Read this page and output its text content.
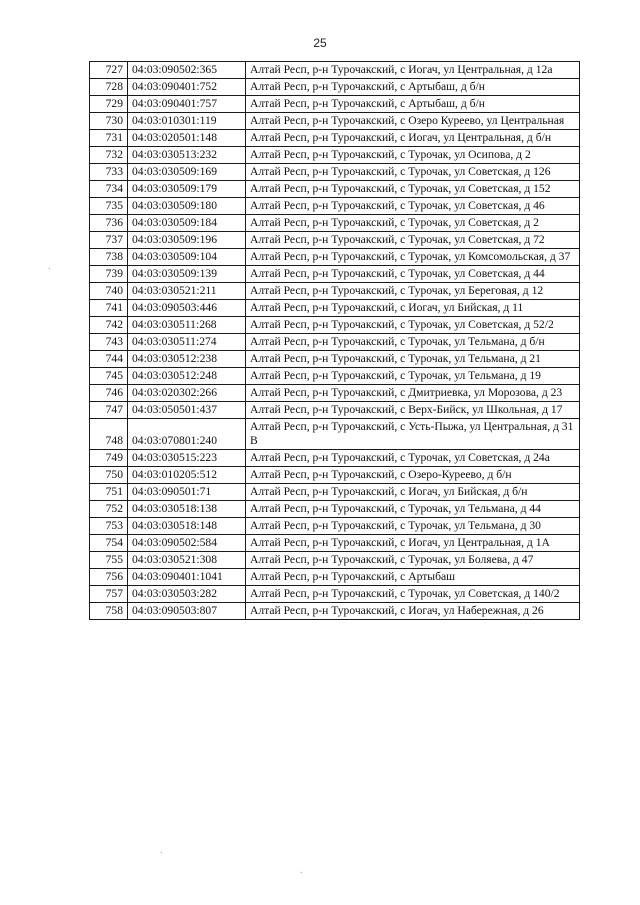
25
727	04:03:090502:365	Алтай Респ, р-н Турочакский, с Иогач, ул Центральная, д 12а
728	04:03:090401:752	Алтай Респ, р-н Турочакский, с Артыбаш, д б/н
729	04:03:090401:757	Алтай Респ, р-н Турочакский, с Артыбаш, д б/н
730	04:03:010301:119	Алтай Респ, р-н Турочакский, с Озеро Куреево, ул Центральная
731	04:03:020501:148	Алтай Респ, р-н Турочакский, с Иогач, ул Центральная, д б/н
732	04:03:030513:232	Алтай Респ, р-н Турочакский, с Турочак, ул Осипова, д 2
733	04:03:030509:169	Алтай Респ, р-н Турочакский, с Турочак, ул Советская, д 126
734	04:03:030509:179	Алтай Респ, р-н Турочакский, с Турочак, ул Советская, д 152
735	04:03:030509:180	Алтай Респ, р-н Турочакский, с Турочак, ул Советская, д 46
736	04:03:030509:184	Алтай Респ, р-н Турочакский, с Турочак, ул Советская, д 2
737	04:03:030509:196	Алтай Респ, р-н Турочакский, с Турочак, ул Советская, д 72
738	04:03:030509:104	Алтай Респ, р-н Турочакский, с Турочак, ул Комсомольская, д 37
739	04:03:030509:139	Алтай Респ, р-н Турочакский, с Турочак, ул Советская, д 44
740	04:03:030521:211	Алтай Респ, р-н Турочакский, с Турочак, ул Береговая, д 12
741	04:03:090503:446	Алтай Респ, р-н Турочакский, с Иогач, ул Бийская, д 11
742	04:03:030511:268	Алтай Респ, р-н Турочакский, с Турочак, ул Советская, д 52/2
743	04:03:030511:274	Алтай Респ, р-н Турочакский, с Турочак, ул Тельмана, д б/н
744	04:03:030512:238	Алтай Респ, р-н Турочакский, с Турочак, ул Тельмана, д 21
745	04:03:030512:248	Алтай Респ, р-н Турочакский, с Турочак, ул Тельмана, д 19
746	04:03:020302:266	Алтай Респ, р-н Турочакский, с Дмитриевка, ул Морозова, д 23
747	04:03:050501:437	Алтай Респ, р-н Турочакский, с Верх-Бийск, ул Школьная, д 17
748	04:03:070801:240	Алтай Респ, р-н Турочакский, с Усть-Пыжа, ул Центральная, д 31 В
749	04:03:030515:223	Алтай Респ, р-н Турочакский, с Турочак, ул Советская, д 24а
750	04:03:010205:512	Алтай Респ, р-н Турочакский, с Озеро-Куреево, д б/н
751	04:03:090501:71	Алтай Респ, р-н Турочакский, с Иогач, ул Бийская, д б/н
752	04:03:030518:138	Алтай Респ, р-н Турочакский, с Турочак, ул Тельмана, д 44
753	04:03:030518:148	Алтай Респ, р-н Турочакский, с Турочак, ул Тельмана, д 30
754	04:03:090502:584	Алтай Респ, р-н Турочакский, с Иогач, ул Центральная, д 1А
755	04:03:030521:308	Алтай Респ, р-н Турочакский, с Турочак, ул Боляева, д 47
756	04:03:090401:1041	Алтай Респ, р-н Турочакский, с Артыбаш
757	04:03:030503:282	Алтай Респ, р-н Турочакский, с Турочак, ул Советская, д 140/2
758	04:03:090503:807	Алтай Респ, р-н Турочакский, с Иогач, ул Набережная, д 26
.
.
.
